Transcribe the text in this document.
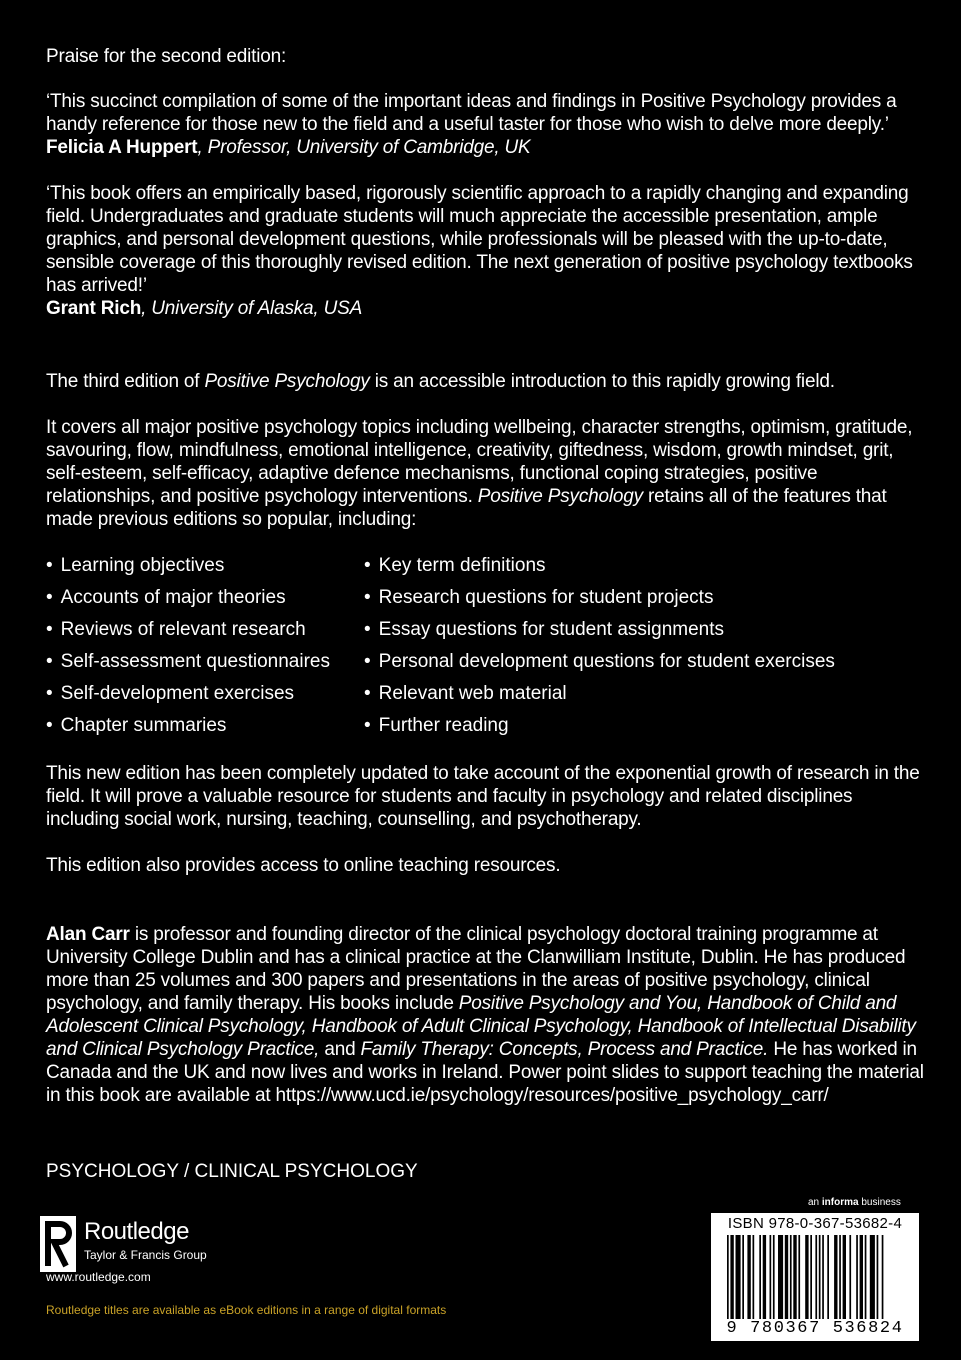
Praise for the second edition:
‘This succinct compilation of some of the important ideas and findings in Positive Psychology provides a handy reference for those new to the field and a useful taster for those who wish to delve more deeply.’
Felicia A Huppert, Professor, University of Cambridge, UK
‘This book offers an empirically based, rigorously scientific approach to a rapidly changing and expanding field. Undergraduates and graduate students will much appreciate the accessible presentation, ample graphics, and personal development questions, while professionals will be pleased with the up-to-date, sensible coverage of this thoroughly revised edition. The next generation of positive psychology textbooks has arrived!’
Grant Rich, University of Alaska, USA
The third edition of Positive Psychology is an accessible introduction to this rapidly growing field.
It covers all major positive psychology topics including wellbeing, character strengths, optimism, gratitude, savouring, flow, mindfulness, emotional intelligence, creativity, giftedness, wisdom, growth mindset, grit, self-esteem, self-efficacy, adaptive defence mechanisms, functional coping strategies, positive relationships, and positive psychology interventions. Positive Psychology retains all of the features that made previous editions so popular, including:
• Learning objectives
• Accounts of major theories
• Reviews of relevant research
• Self-assessment questionnaires
• Self-development exercises
• Chapter summaries
• Key term definitions
• Research questions for student projects
• Essay questions for student assignments
• Personal development questions for student exercises
• Relevant web material
• Further reading
This new edition has been completely updated to take account of the exponential growth of research in the field. It will prove a valuable resource for students and faculty in psychology and related disciplines including social work, nursing, teaching, counselling, and psychotherapy.
This edition also provides access to online teaching resources.
Alan Carr is professor and founding director of the clinical psychology doctoral training programme at University College Dublin and has a clinical practice at the Clanwilliam Institute, Dublin. He has produced more than 25 volumes and 300 papers and presentations in the areas of positive psychology, clinical psychology, and family therapy. His books include Positive Psychology and You, Handbook of Child and Adolescent Clinical Psychology, Handbook of Adult Clinical Psychology, Handbook of Intellectual Disability and Clinical Psychology Practice, and Family Therapy: Concepts, Process and Practice. He has worked in Canada and the UK and now lives and works in Ireland. Power point slides to support teaching the material in this book are available at https://www.ucd.ie/psychology/resources/positive_psychology_carr/
PSYCHOLOGY / CLINICAL PSYCHOLOGY
Routledge
Taylor & Francis Group
www.routledge.com
Routledge titles are available as eBook editions in a range of digital formats
an informa business
ISBN 978-0-367-53682-4
9 780367 536824
